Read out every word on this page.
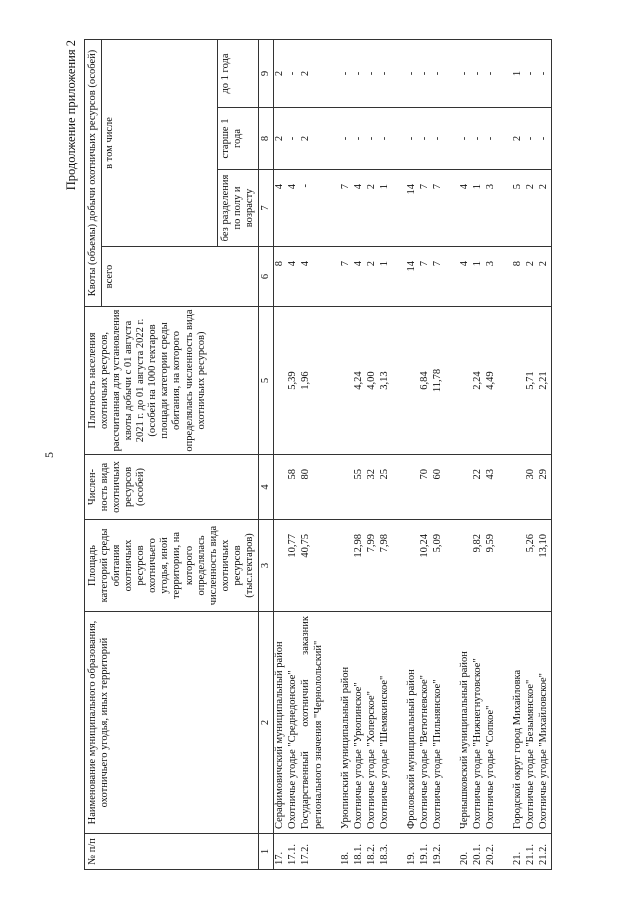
5
Продолжение приложения 2
№ п/п	Наименование муниципального образования, охотничьего угодья, иных территорий	Площадь категорий среды обитания охотничьих ресурсов охотничьего угодья, иной территории, на которого определялась численность вида охотничьих ресурсов (тыс.гектаров)	Числен-ность вида охотничьих ресурсов (особей)	Плотность населения охотничьих ресурсов, рассчитанная для установления квоты добычи с 01 августа 2021 г. до 01 августа 2022 г. (особей на 1000 гектаров площади категории среды обитания, на которого определялась численность вида охотничьих ресурсов)	Квоты (объемы) добычи охотничьих ресурсов (особей)			
					всего	в том числе		
						без разделения по полу и возрасту	старше 1 года	до 1 года
1	2	3	4	5	6	7	8	9
17.	Серафимовичский муниципальный район				8	4	2	2
17.1.	Охотничье угодье "Среднедонское"	10,77	58	5,39	4	4	-	-
17.2.	Государственный охотничий заказник	40,75	80	1,96	4	-	2	2
	регионального значения "Чернолольский"							

18.	Урюпинский муниципальный район				7	7	-	-
18.1.	Охотничье угодье "Урюпинское"	12,98	55	4,24	4	4	-	-
18.2.	Охотничье угодье "Хоперское"	7,99	32	4,00	2	2	-	-
18.3.	Охотничье угодье "Шемякинское"	7,98	25	3,13	1	1	-	-

19.	Фроловский муниципальный район				14	14	-	-
19.1.	Охотничье угодье "Ветютневское"	10,24	70	6,84	7	7	-	-
19.2.	Охотничье угодье "Пильнянское"	5,09	60	11,78	7	7	-	-

20.	Чернышковский муниципальный район				4	4	-	-
20.1.	Охотничье угодье "Нижнегнутовское"	9,82	22	2,24	1	1	-	-
20.2.	Охотничье угодье "Сопкое"	9,59	43	4,49	3	3	-	-

21.	Городской округ город Михайловка				8	5	2	1
21.1.	Охотничье угодье "Безымянское"	5,26	30	5,71	2	2	-	-
21.2.	Охотничье угодье "Михайловское"	13,10	29	2,21	2	2	-	-
